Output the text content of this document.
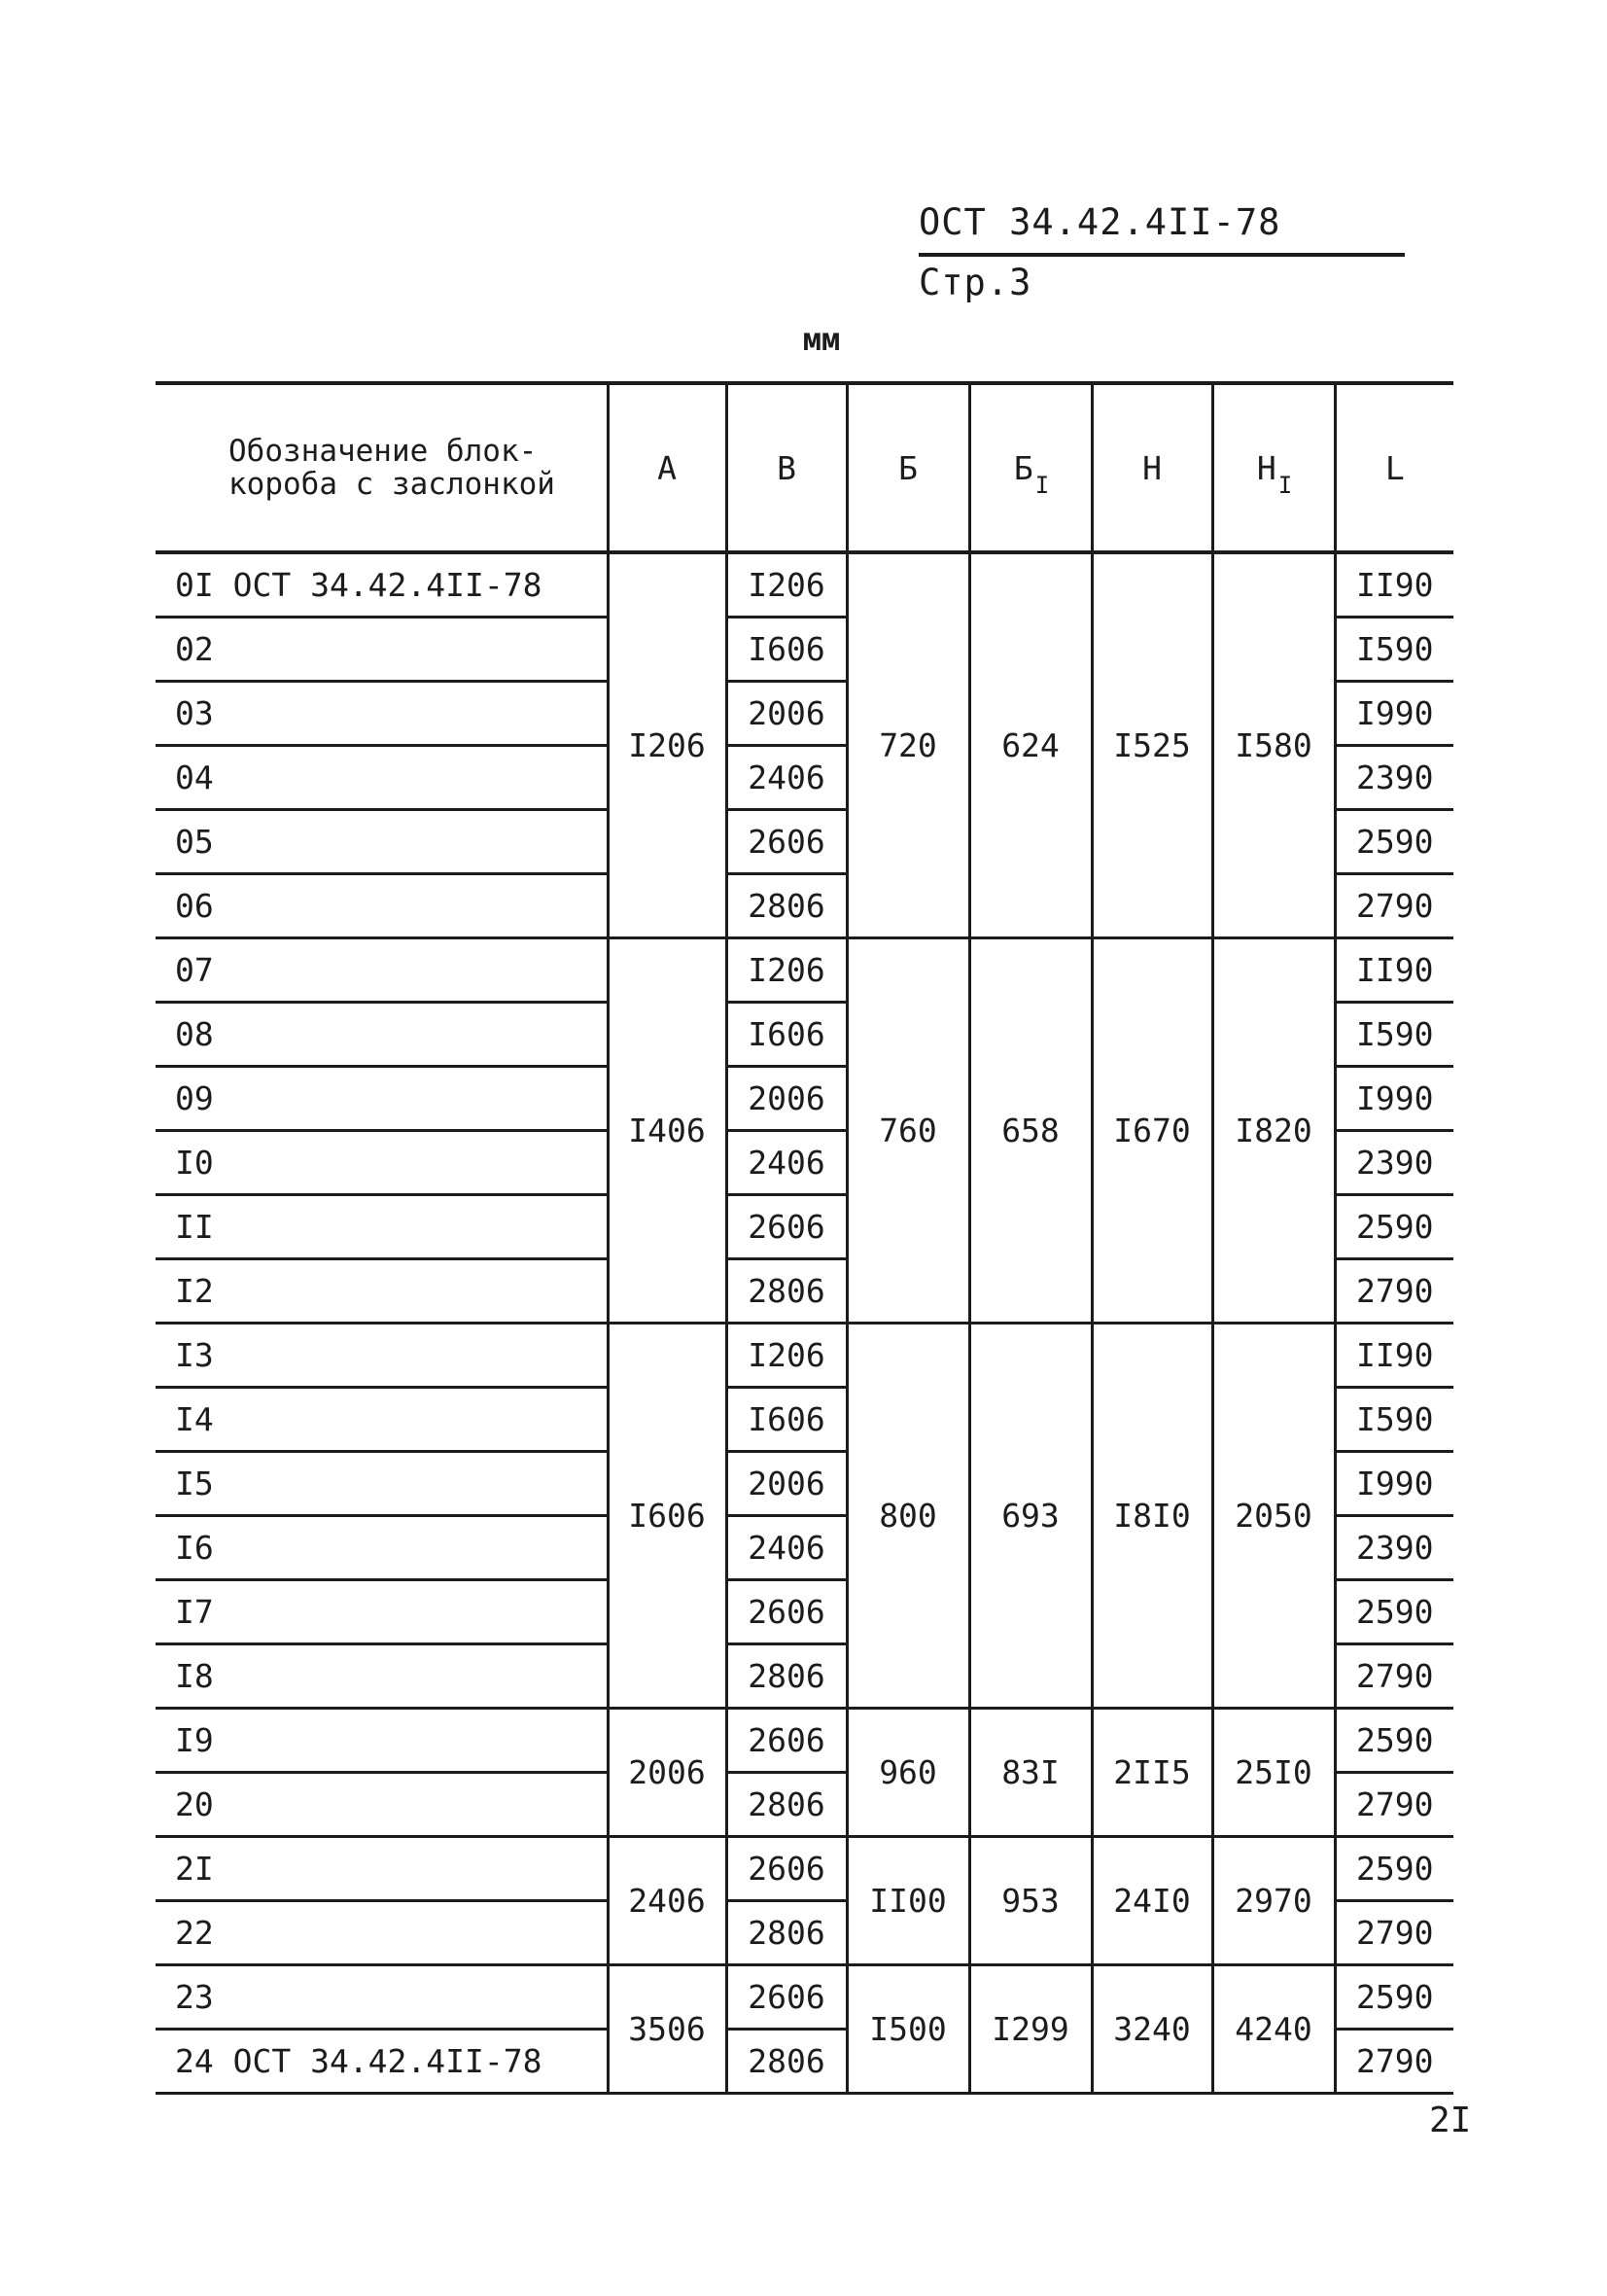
ОСТ 34.42.4II-78 Стр.3
мм
Обозначение блок-короба с заслонкой	А	В	Б	$Б_I$	Н	$Н_I$	L
0I ОСТ 34.42.4II-78	I206	I206	720	624	I525	I580	II90
02		I606					I590
03		2006					I990
04		2406					2390
05		2606					2590
06		2806					2790
07	I406	I206	760	658	I670	I820	II90
08		I606					I590
09		2006					I990
I0		2406					2390
II		2606					2590
I2		2806					2790
I3	I606	I206	800	693	I8I0	2050	II90
I4		I606					I590
I5		2006					I990
I6		2406					2390
I7		2606					2590
I8		2806					2790
I9	2006	2606	960	83I	2II5	25I0	2590
20		2806					2790
2I	2406	2606	II00	953	24I0	2970	2590
22		2806					2790
23	3506	2606	I500	I299	3240	4240	2590
24 ОСТ 34.42.4II-78		2806					2790
2I
